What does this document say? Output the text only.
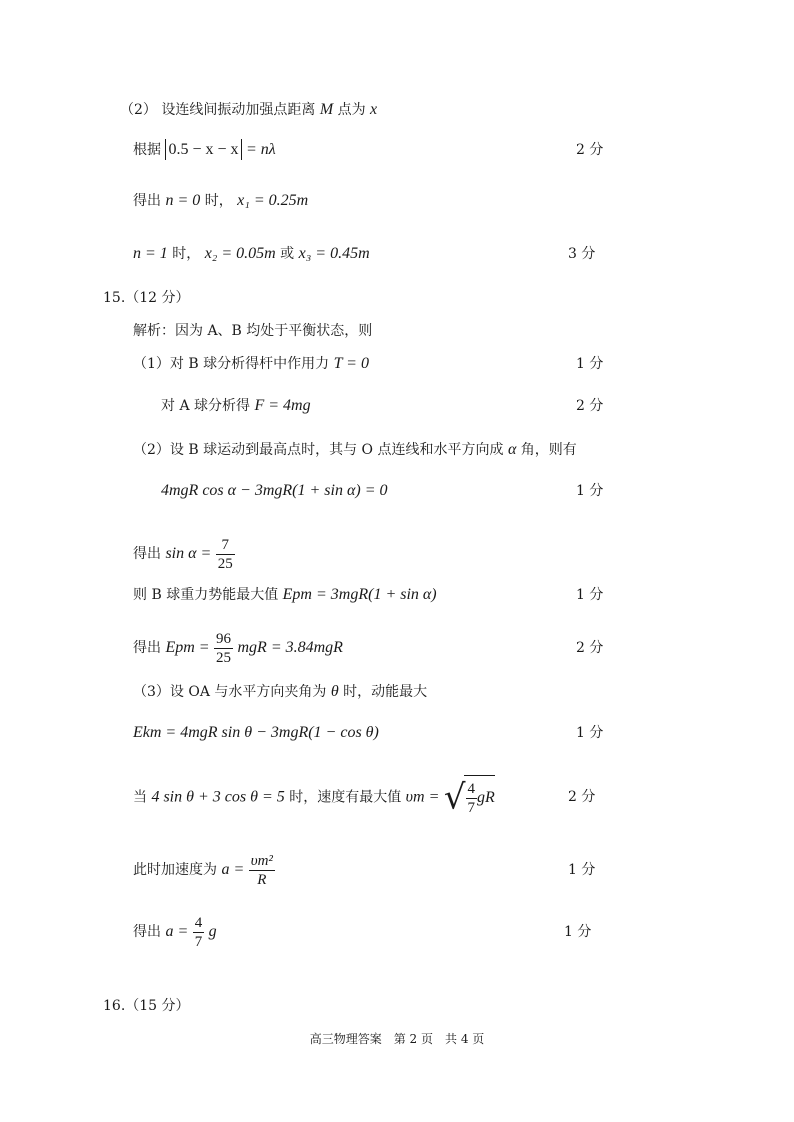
（2） 设连线间振动加强点距离 M 点为 x
根据 0.5 − x − x = nλ	2 分
得出 n = 0 时， x₁ = 0.25m
n = 1 时， x₂ = 0.05m 或 x₃ = 0.45m	3 分
15.（12 分）
解析：因为 A、B 均处于平衡状态，则
（1）对 B 球分析得杆中作用力 T = 0	1 分
对 A 球分析得 F = 4mg	2 分
（2）设 B 球运动到最高点时，其与 O 点连线和水平方向成 α 角，则有
4mgR cos α − 3mgR(1 + sin α) = 0	1 分
得出 $\sin \alpha = \frac{7}{25}$
则 B 球重力势能最大值 Epm = 3mgR(1 + sin α)	1 分
得出 Epm = $\frac{96}{25}$ mgR = 3.84mgR	2 分
（3）设 OA 与水平方向夹角为 θ 时，动能最大
Ekm = 4mgR sin θ − 3mgR(1 − cos θ)	1 分
当 4 sin θ + 3 cos θ = 5 时，速度有最大值 υm = √ $\frac{4}{7}$ gR	2 分
此时加速度为 $a = \frac{\text{υm²}}{R}$	1 分
得出 $a = \frac{4}{7}$ g	1 分
16.（15 分）
高三物理答案　第 2 页　共 4 页
